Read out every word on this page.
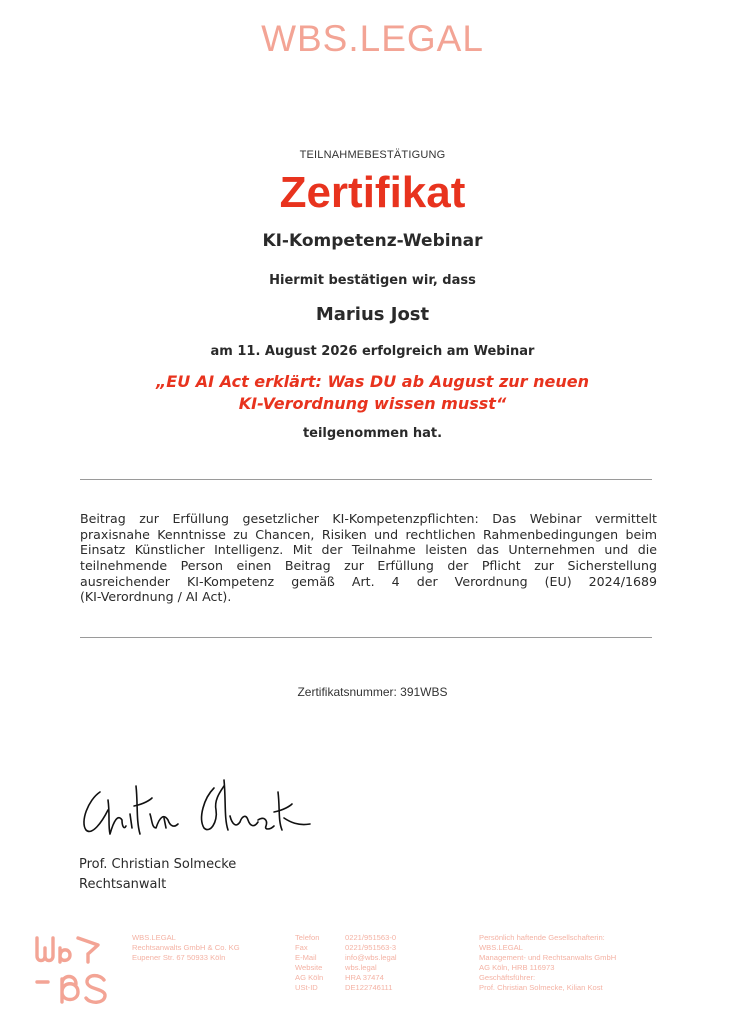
WBS.LEGAL
TEILNAHMEBESTÄTIGUNG
Zertifikat
KI-Kompetenz-Webinar
Hiermit bestätigen wir, dass
Marius Jost
am 11. August 2026 erfolgreich am Webinar
„EU AI Act erklärt: Was DU ab August zur neuen
KI-Verordnung wissen musst“
teilgenommen hat.
Beitrag zur Erfüllung gesetzlicher KI-Kompetenzpflichten: Das Webinar vermittelt
praxisnahe Kenntnisse zu Chancen, Risiken und rechtlichen Rahmenbedingungen beim
Einsatz Künstlicher Intelligenz. Mit der Teilnahme leisten das Unternehmen und die
teilnehmende Person einen Beitrag zur Erfüllung der Pflicht zur Sicherstellung
ausreichender KI-Kompetenz gemäß Art. 4 der Verordnung (EU) 2024/1689
(KI-Verordnung / AI Act).
Zertifikatsnummer: 391WBS
Prof. Christian Solmecke
Rechtsanwalt
WBS.LEGAL
Rechtsanwalts GmbH & Co. KG
Eupener Str. 67 50933 Köln
Telefon
Fax
E-Mail
Website
AG Köln
USt-ID
0221/951563-0
0221/951563-3
info@wbs.legal
wbs.legal
HRA 37474
DE122746111
Persönlich haftende Gesellschafterin:
WBS.LEGAL
Management- und Rechtsanwalts GmbH
AG Köln, HRB 116973
Geschäftsführer:
Prof. Christian Solmecke, Kilian Kost
